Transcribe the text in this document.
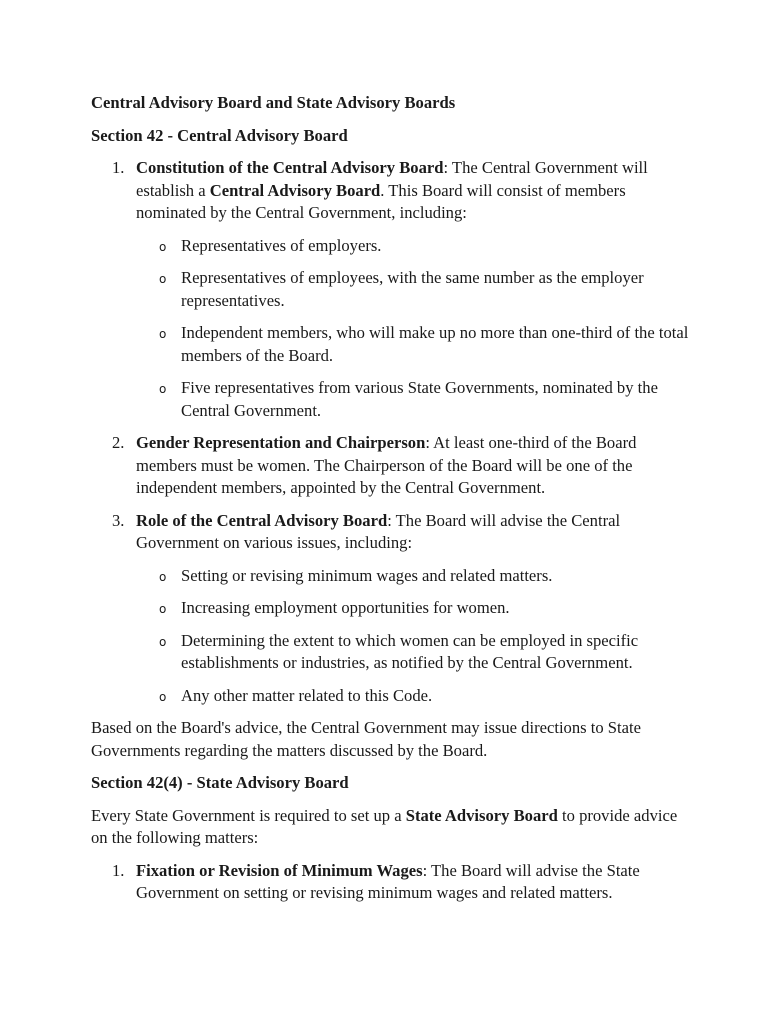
Central Advisory Board and State Advisory Boards

Section 42 - Central Advisory Board

1. Constitution of the Central Advisory Board: The Central Government will establish a Central Advisory Board. This Board will consist of members nominated by the Central Government, including:
o Representatives of employers.
o Representatives of employees, with the same number as the employer representatives.
o Independent members, who will make up no more than one-third of the total members of the Board.
o Five representatives from various State Governments, nominated by the Central Government.
2. Gender Representation and Chairperson: At least one-third of the Board members must be women. The Chairperson of the Board will be one of the independent members, appointed by the Central Government.
3. Role of the Central Advisory Board: The Board will advise the Central Government on various issues, including:
o Setting or revising minimum wages and related matters.
o Increasing employment opportunities for women.
o Determining the extent to which women can be employed in specific establishments or industries, as notified by the Central Government.
o Any other matter related to this Code.

Based on the Board's advice, the Central Government may issue directions to State Governments regarding the matters discussed by the Board.

Section 42(4) - State Advisory Board

Every State Government is required to set up a State Advisory Board to provide advice on the following matters:

1. Fixation or Revision of Minimum Wages: The Board will advise the State Government on setting or revising minimum wages and related matters.
